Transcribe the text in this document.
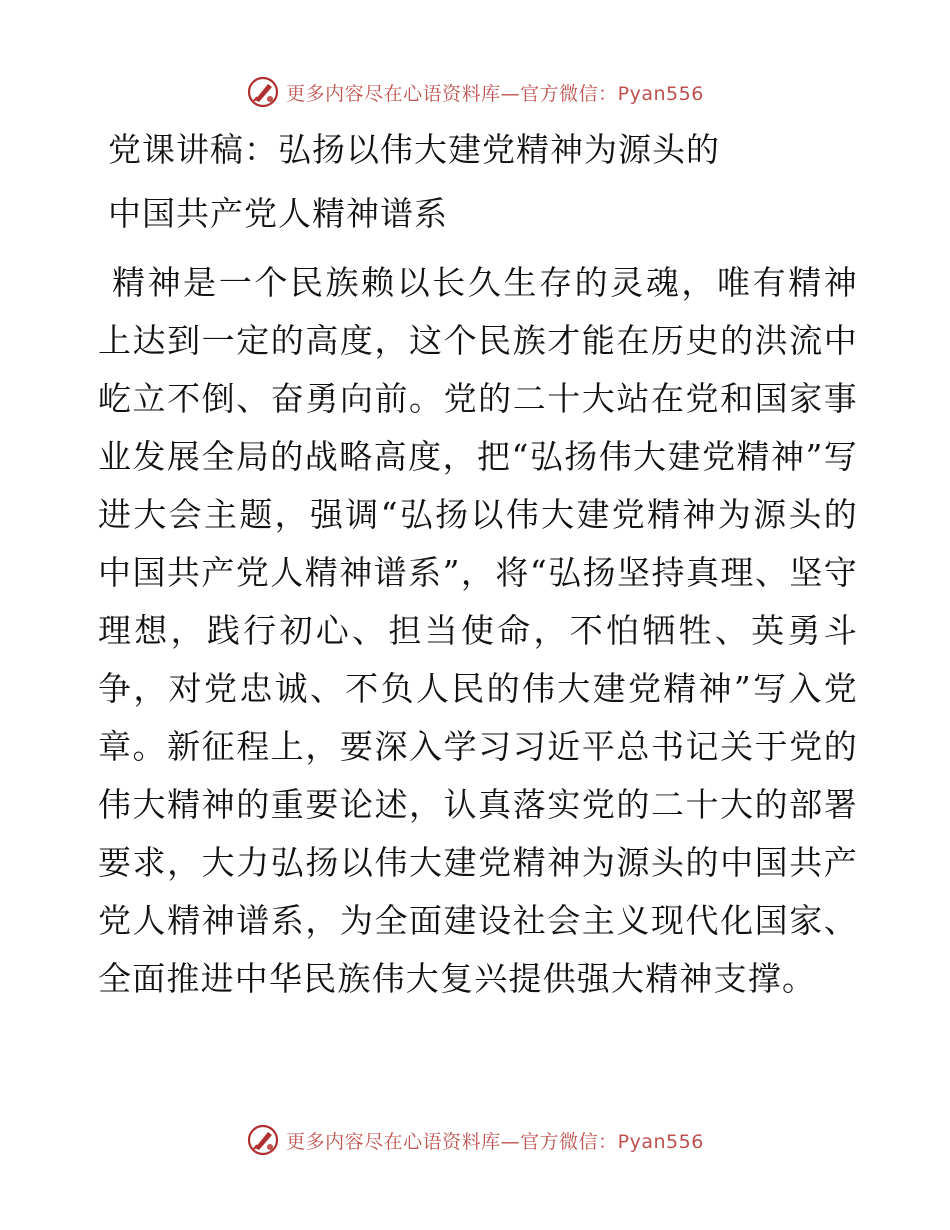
更多内容尽在心语资料库—官方微信：Pyan556
党课讲稿：弘扬以伟大建党精神为源头的
中国共产党人精神谱系

精神是一个民族赖以长久生存的灵魂，唯有精神上达到一定的高度，这个民族才能在历史的洪流中屹立不倒、奋勇向前。党的二十大站在党和国家事业发展全局的战略高度，把“弘扬伟大建党精神”写进大会主题，强调“弘扬以伟大建党精神为源头的中国共产党人精神谱系”，将“弘扬坚持真理、坚守理想，践行初心、担当使命，不怕牺牲、英勇斗争，对党忠诚、不负人民的伟大建党精神”写入党章。新征程上，要深入学习习近平总书记关于党的伟大精神的重要论述，认真落实党的二十大的部署要求，大力弘扬以伟大建党精神为源头的中国共产党人精神谱系，为全面建设社会主义现代化国家、全面推进中华民族伟大复兴提供强大精神支撑。

更多内容尽在心语资料库—官方微信：Pyan556
